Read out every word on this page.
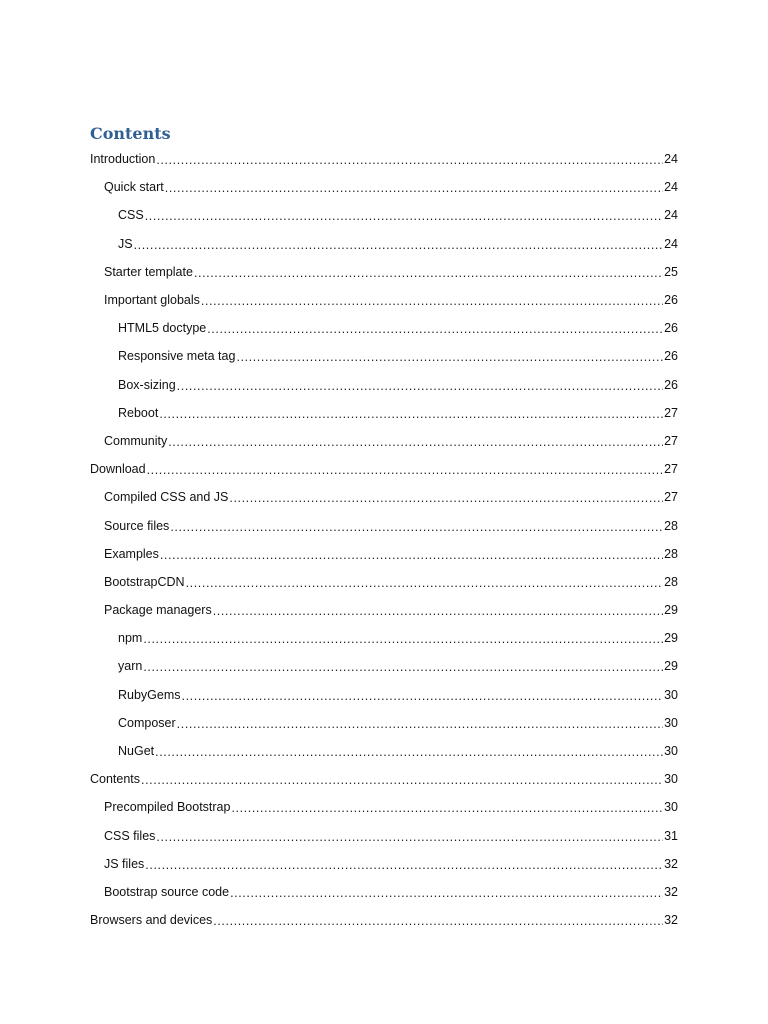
Contents
Introduction .....	24
Quick start .....	24
CSS .....	24
JS .....	24
Starter template .....	25
Important globals .....	26
HTML5 doctype .....	26
Responsive meta tag .....	26
Box-sizing .....	26
Reboot .....	27
Community .....	27
Download .....	27
Compiled CSS and JS .....	27
Source files .....	28
Examples .....	28
BootstrapCDN .....	28
Package managers .....	29
npm .....	29
yarn .....	29
RubyGems .....	30
Composer .....	30
NuGet .....	30
Contents .....	30
Precompiled Bootstrap .....	30
CSS files .....	31
JS files .....	32
Bootstrap source code .....	32
Browsers and devices .....	32
